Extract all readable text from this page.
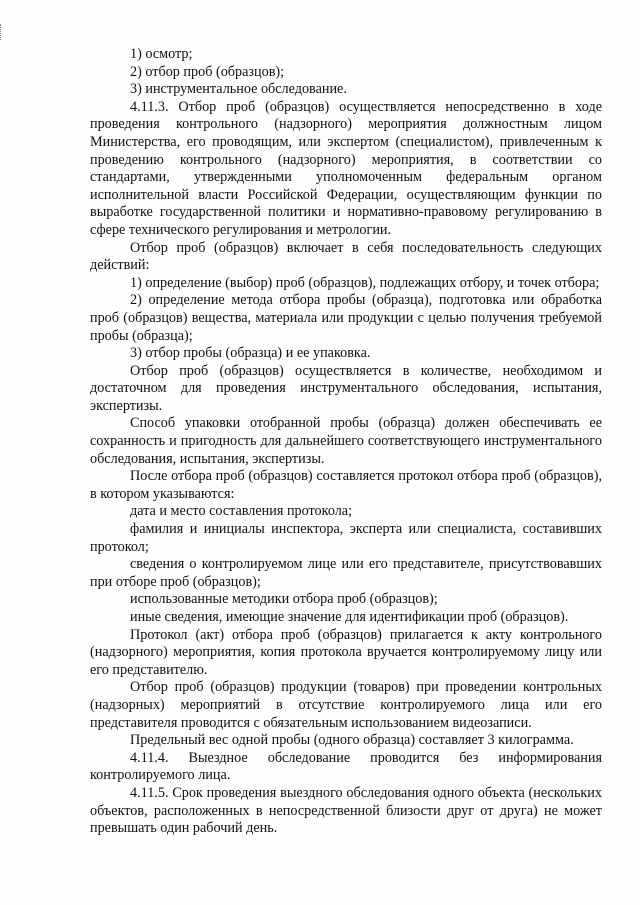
1) осмотр;

2) отбор проб (образцов);

3) инструментальное обследование.

4.11.3. Отбор проб (образцов) осуществляется непосредственно в ходе проведения контрольного (надзорного) мероприятия должностным лицом Министерства, его проводящим, или экспертом (специалистом), привлеченным к проведению контрольного (надзорного) мероприятия, в соответствии со стандартами, утвержденными уполномоченным федеральным органом исполнительной власти Российской Федерации, осуществляющим функции по выработке государственной политики и нормативно-правовому регулированию в сфере технического регулирования и метрологии.

Отбор проб (образцов) включает в себя последовательность следующих действий:

1) определение (выбор) проб (образцов), подлежащих отбору, и точек отбора;

2) определение метода отбора пробы (образца), подготовка или обработка проб (образцов) вещества, материала или продукции с целью получения требуемой пробы (образца);

3) отбор пробы (образца) и ее упаковка.

Отбор проб (образцов) осуществляется в количестве, необходимом и достаточном для проведения инструментального обследования, испытания, экспертизы.

Способ упаковки отобранной пробы (образца) должен обеспечивать ее сохранность и пригодность для дальнейшего соответствующего инструментального обследования, испытания, экспертизы.

После отбора проб (образцов) составляется протокол отбора проб (образцов), в котором указываются:

дата и место составления протокола;

фамилия и инициалы инспектора, эксперта или специалиста, составивших протокол;

сведения о контролируемом лице или его представителе, присутствовавших при отборе проб (образцов);

использованные методики отбора проб (образцов);

иные сведения, имеющие значение для идентификации проб (образцов).

Протокол (акт) отбора проб (образцов) прилагается к акту контрольного (надзорного) мероприятия, копия протокола вручается контролируемому лицу или его представителю.

Отбор проб (образцов) продукции (товаров) при проведении контрольных (надзорных) мероприятий в отсутствие контролируемого лица или его представителя проводится с обязательным использованием видеозаписи.

Предельный вес одной пробы (одного образца) составляет 3 килограмма.

4.11.4. Выездное обследование проводится без информирования контролируемого лица.

4.11.5. Срок проведения выездного обследования одного объекта (нескольких объектов, расположенных в непосредственной близости друг от друга) не может превышать один рабочий день.
